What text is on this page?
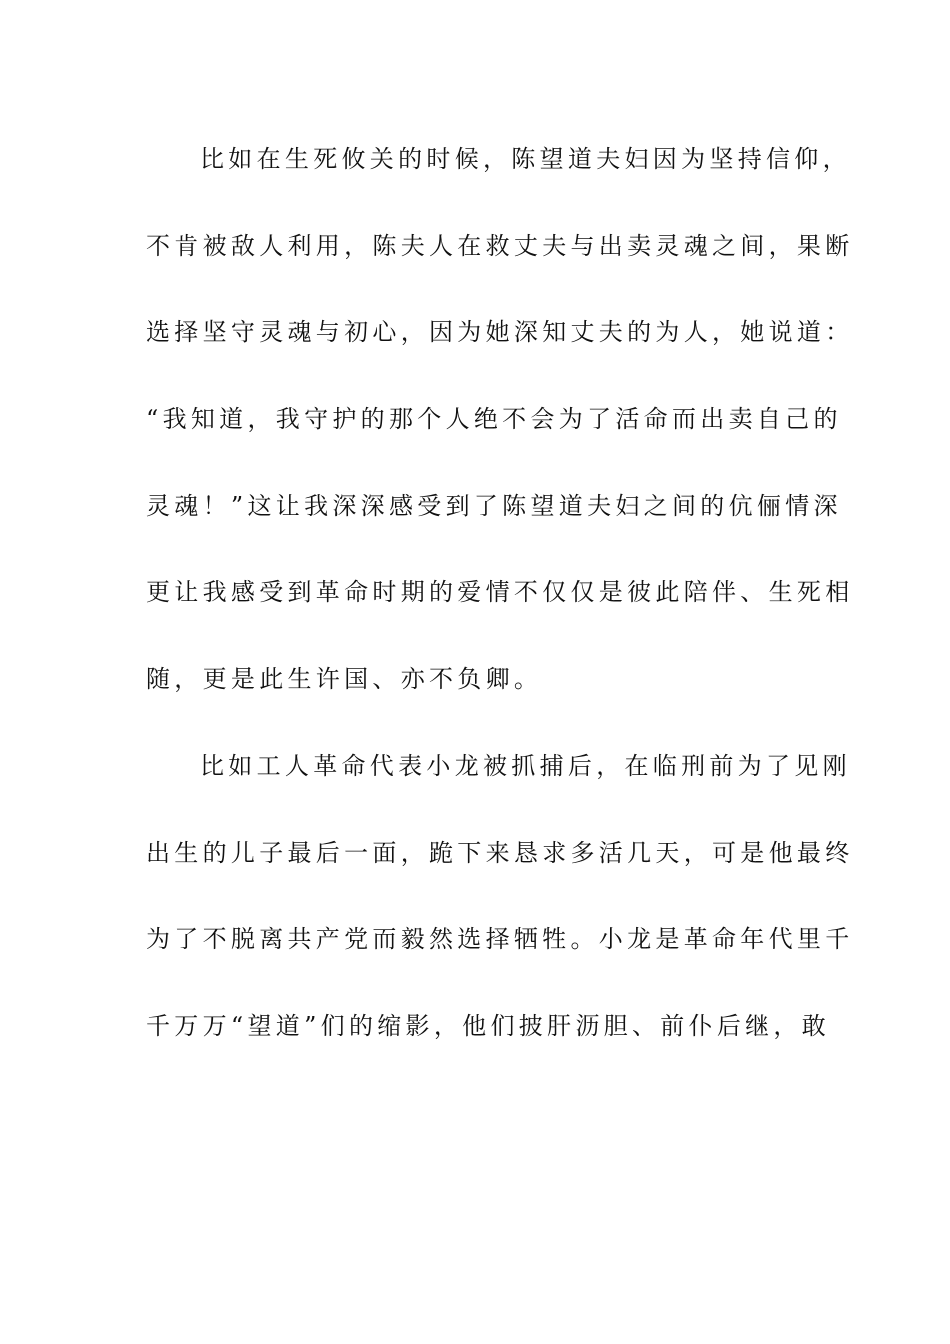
比如在生死攸关的时候，陈望道夫妇因为坚持信仰，
不肯被敌人利用，陈夫人在救丈夫与出卖灵魂之间，果断
选择坚守灵魂与初心，因为她深知丈夫的为人，她说道：
“我知道，我守护的那个人绝不会为了活命而出卖自己的
灵魂！”这让我深深感受到了陈望道夫妇之间的伉俪情深
更让我感受到革命时期的爱情不仅仅是彼此陪伴、生死相
随，更是此生许国、亦不负卿。
比如工人革命代表小龙被抓捕后，在临刑前为了见刚
出生的儿子最后一面，跪下来恳求多活几天，可是他最终
为了不脱离共产党而毅然选择牺牲。小龙是革命年代里千
千万万“望道”们的缩影，他们披肝沥胆、前仆后继，敢
